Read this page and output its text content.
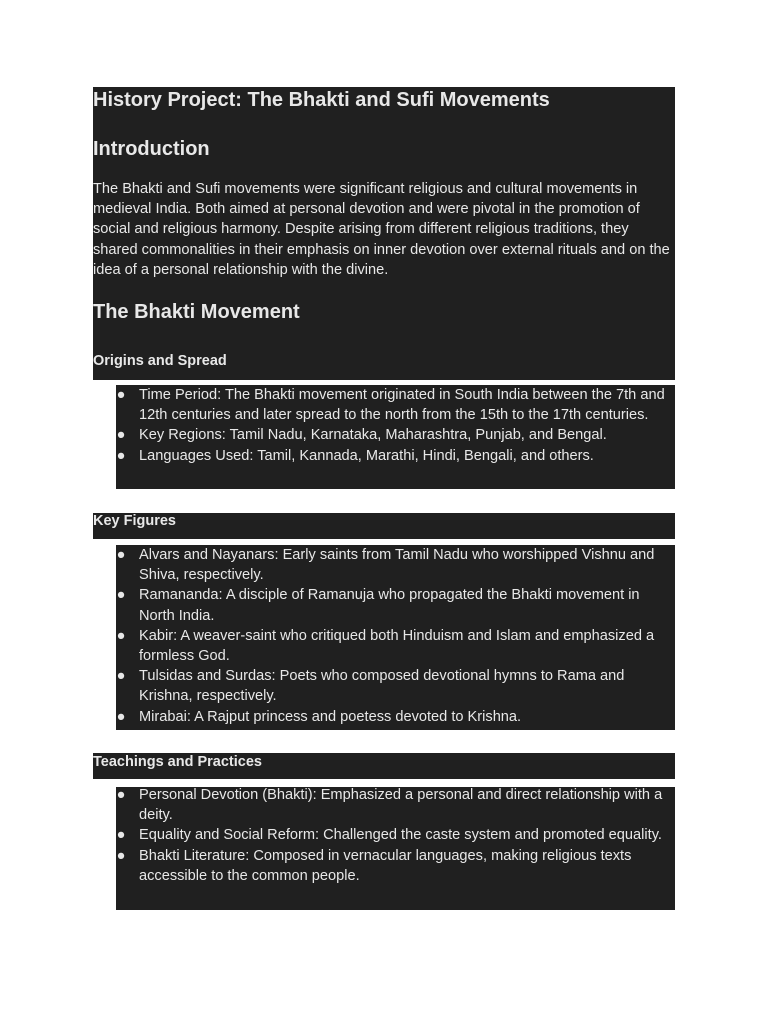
History Project: The Bhakti and Sufi Movements
Introduction

The Bhakti and Sufi movements were significant religious and cultural movements in medieval India. Both aimed at personal devotion and were pivotal in the promotion of social and religious harmony. Despite arising from different religious traditions, they shared commonalities in their emphasis on inner devotion over external rituals and on the idea of a personal relationship with the divine.

The Bhakti Movement
Origins and Spread
● Time Period: The Bhakti movement originated in South India between the 7th and 12th centuries and later spread to the north from the 15th to the 17th centuries.
● Key Regions: Tamil Nadu, Karnataka, Maharashtra, Punjab, and Bengal.
● Languages Used: Tamil, Kannada, Marathi, Hindi, Bengali, and others.
Key Figures
● Alvars and Nayanars: Early saints from Tamil Nadu who worshipped Vishnu and Shiva, respectively.
● Ramananda: A disciple of Ramanuja who propagated the Bhakti movement in North India.
● Kabir: A weaver-saint who critiqued both Hinduism and Islam and emphasized a formless God.
● Tulsidas and Surdas: Poets who composed devotional hymns to Rama and Krishna, respectively.
● Mirabai: A Rajput princess and poetess devoted to Krishna.
Teachings and Practices
● Personal Devotion (Bhakti): Emphasized a personal and direct relationship with a deity.
● Equality and Social Reform: Challenged the caste system and promoted equality.
● Bhakti Literature: Composed in vernacular languages, making religious texts accessible to the common people.
